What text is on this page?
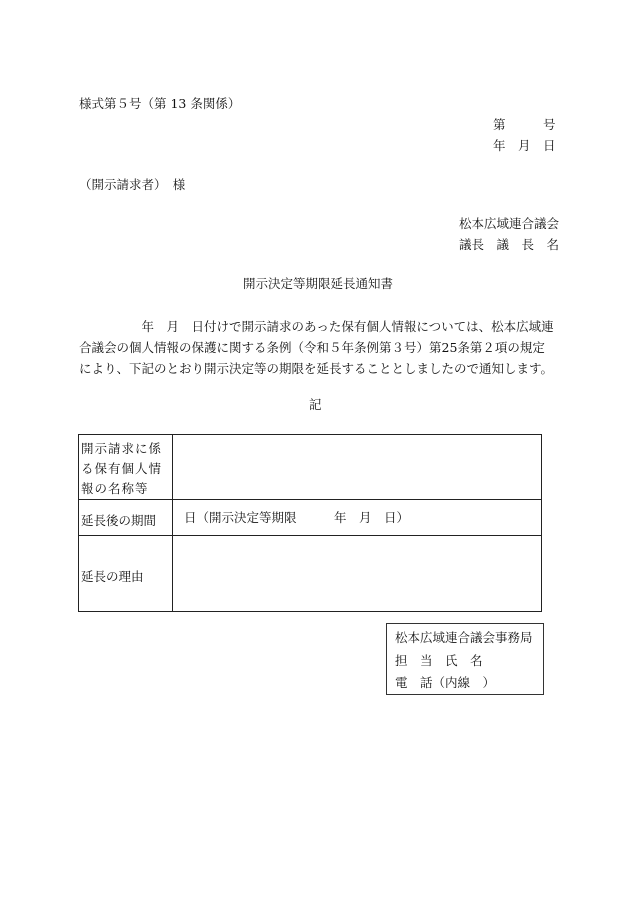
様式第５号（第 13 条関係）
第　　　号
年　月　日
（開示請求者）　様
松本広域連合議会
議長　議　長　名
開示決定等期限延長通知書
　　　　　年　月　日付けで開示請求のあった保有個人情報については、松本広域連合議会の個人情報の保護に関する条例（令和５年条例第３号）第25条第２項の規定により、下記のとおり開示決定等の期限を延長することとしましたので通知します。
記
開示請求に係る保有個人情報の名称等	

延長後の期間	日（開示決定等期限　　　年　月　日）

延長の理由	

松本広域連合議会事務局
担　当　氏　名
電　話（内線　）
